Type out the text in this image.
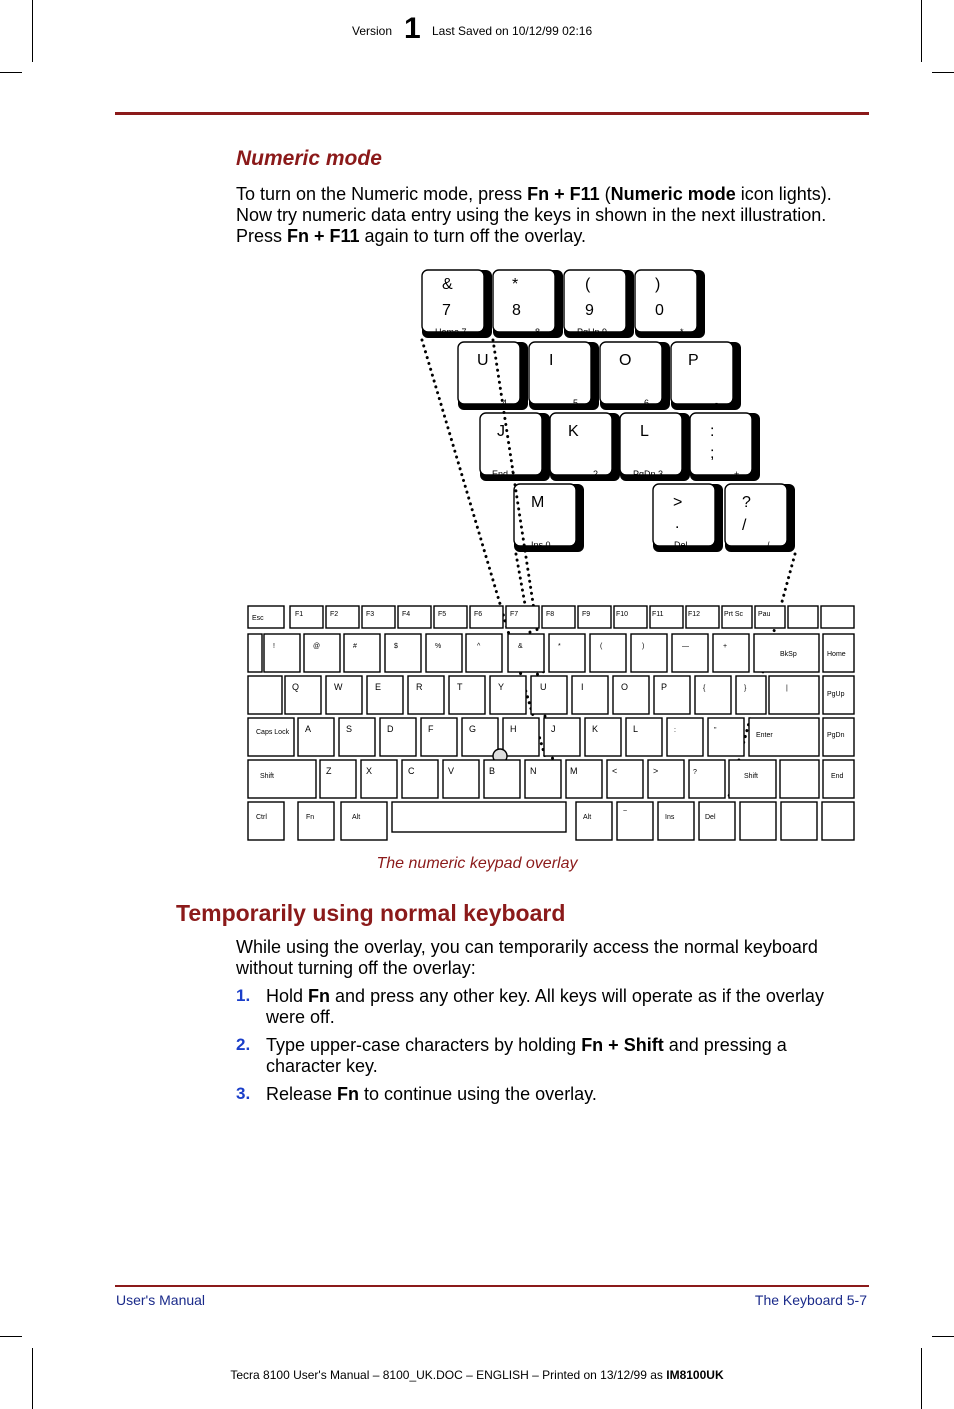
Version 1 Last Saved on 10/12/99 02:16
Numeric mode

To turn on the Numeric mode, press Fn + F11 (Numeric mode icon lights). Now try numeric data entry using the keys in shown in the next illustration. Press Fn + F11 again to turn off the overlay.

&
7
Home 7
*
8
8
(
9
PgUp 9
)
0
*
U
4
I
5
O
6
P
-
J
End 1
K
2
L
PgDn 3
:
;
+
M
Ins 0
>
.
Del
?
/
/
Esc
F1	F2	F3	F4	F5	F6	F7	F8	F9	F10	F11	F12	Prt Sc Pau
!	@	#	$	%	^	&	*	(	)	—	+
BkSp	Home
Q	W	E	R	T	Y	U	I	O	P	{	}	|
PgUp
Caps Lock A	S	D	F	G	H	J	K	L	:	"
Enter	PgDn
Shift
Z	X	C	V	B	N	M	<	>	?
Shift	End
Ctrl	Fn	Alt	Alt
~
Ins	Del
The numeric keypad overlay
Temporarily using normal keyboard

While using the overlay, you can temporarily access the normal keyboard without turning off the overlay:

1. Hold Fn and press any other key. All keys will operate as if the overlay were off.
2. Type upper-case characters by holding Fn + Shift and pressing a character key.
3. Release Fn to continue using the overlay.
User's Manual	The Keyboard 5-7
Tecra 8100 User's Manual – 8100_UK.DOC – ENGLISH – Printed on 13/12/99 as IM8100UK
